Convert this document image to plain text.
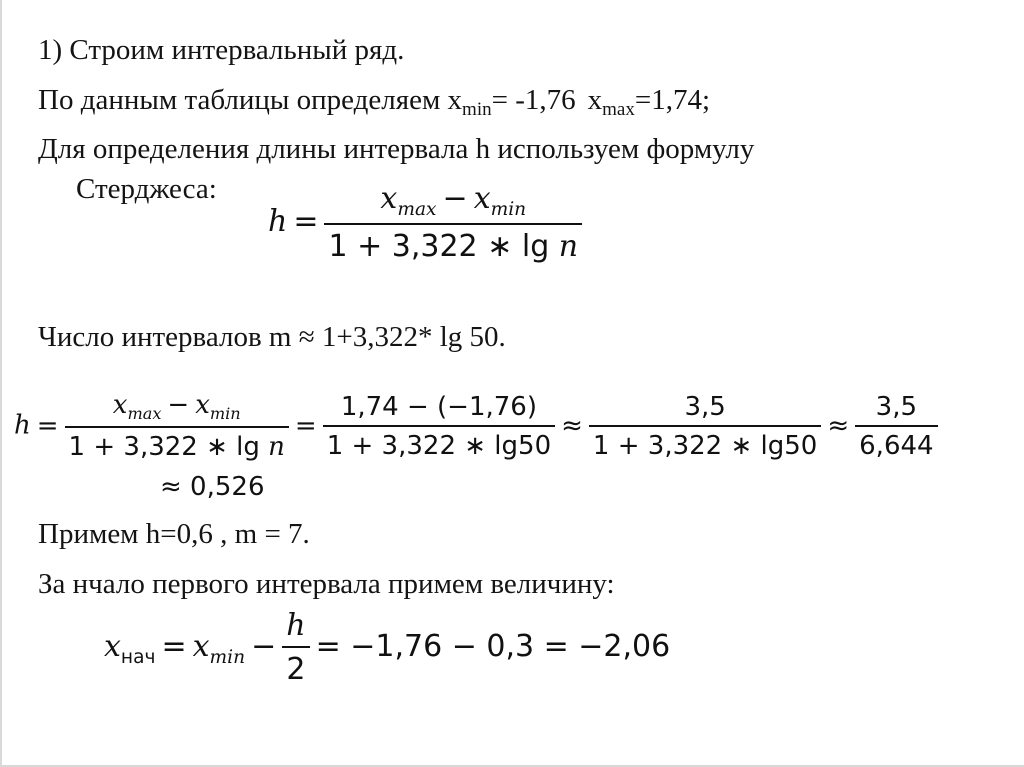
1) Строим интервальный ряд.
По данным таблицы определяем $x_{min}= -1,76$ $x_{max}=1,74$;
Для определения длины интервала h используем формулу
Стерджеса:
$h = \frac{x_{max} - x_{min}}{\text{1 + 3,322 ∗ lg n}}$
Число интервалов m ≈ 1+3,322* lg 50.
$h = \frac{x_{max} - x_{min}}{\text{1 + 3,322 ∗ lg n}} = \frac{1,74 - (-1,76)}{1 + 3,322 ∗ \lg 50} \approx \frac{3,5}{1 + 3,322 ∗ \lg 50} \approx \frac{3,5}{6,644}$
≈ 0,526
Примем h=0,6 , m = 7.
За нчало первого интервала примем величину:
$x_{нач} = x_{min} - \frac{h}{2} = -1,76 - 0,3 = -2,06$
